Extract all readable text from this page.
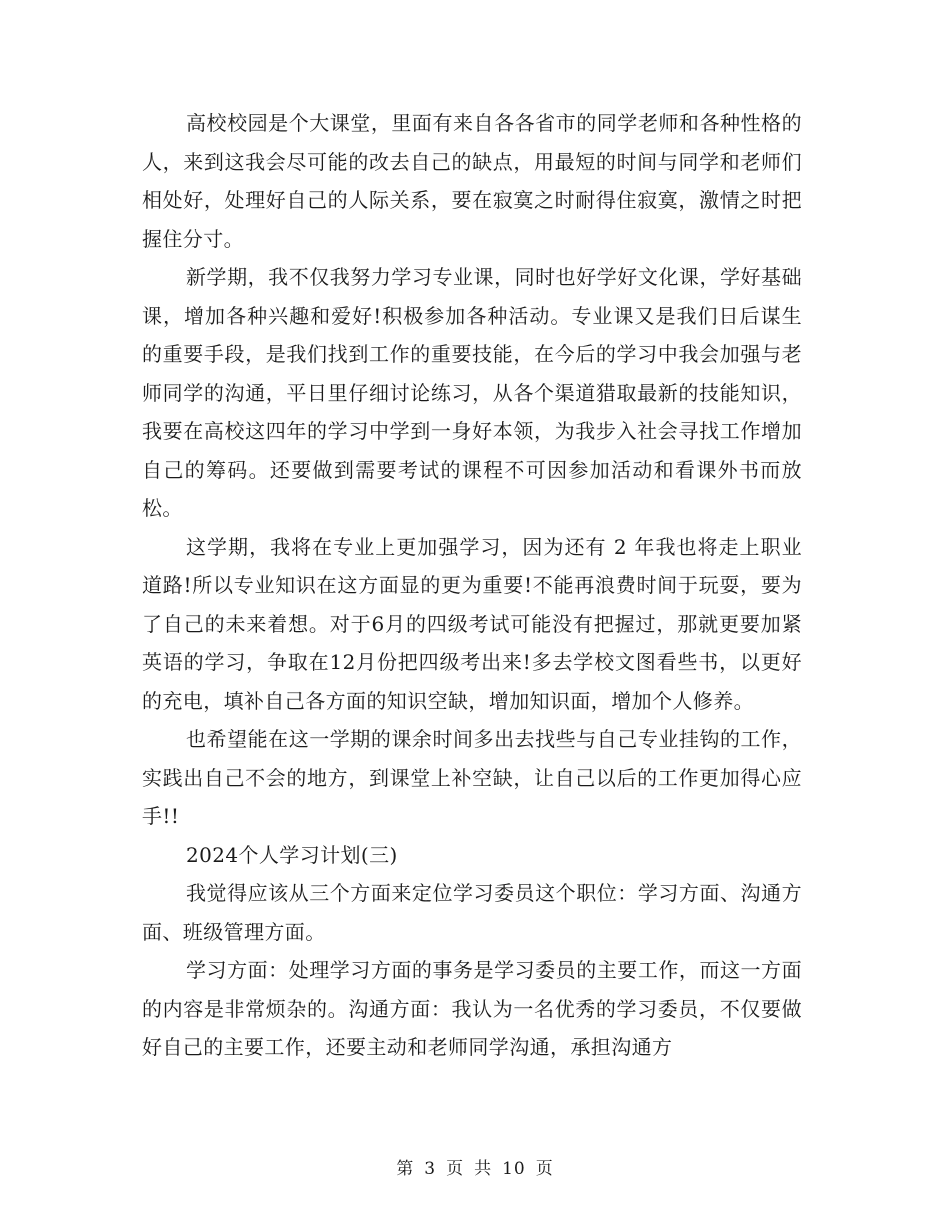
高校校园是个大课堂，里面有来自各各省市的同学老师和各种性格的人，来到这我会尽可能的改去自己的缺点，用最短的时间与同学和老师们相处好，处理好自己的人际关系，要在寂寞之时耐得住寂寞，激情之时把握住分寸。

新学期，我不仅我努力学习专业课，同时也好学好文化课，学好基础课，增加各种兴趣和爱好!积极参加各种活动。专业课又是我们日后谋生的重要手段，是我们找到工作的重要技能，在今后的学习中我会加强与老师同学的沟通，平日里仔细讨论练习，从各个渠道猎取最新的技能知识，我要在高校这四年的学习中学到一身好本领，为我步入社会寻找工作增加自己的筹码。还要做到需要考试的课程不可因参加活动和看课外书而放松。

这学期，我将在专业上更加强学习，因为还有 2 年我也将走上职业道路!所以专业知识在这方面显的更为重要!不能再浪费时间于玩耍，要为了自己的未来着想。对于6月的四级考试可能没有把握过，那就更要加紧英语的学习，争取在12月份把四级考出来!多去学校文图看些书，以更好的充电，填补自己各方面的知识空缺，增加知识面，增加个人修养。

也希望能在这一学期的课余时间多出去找些与自己专业挂钩的工作，实践出自己不会的地方，到课堂上补空缺，让自己以后的工作更加得心应手!!

2024个人学习计划(三)

我觉得应该从三个方面来定位学习委员这个职位：学习方面、沟通方面、班级管理方面。

学习方面：处理学习方面的事务是学习委员的主要工作，而这一方面的内容是非常烦杂的。沟通方面：我认为一名优秀的学习委员，不仅要做好自己的主要工作，还要主动和老师同学沟通，承担沟通方

第 3 页 共 10 页
